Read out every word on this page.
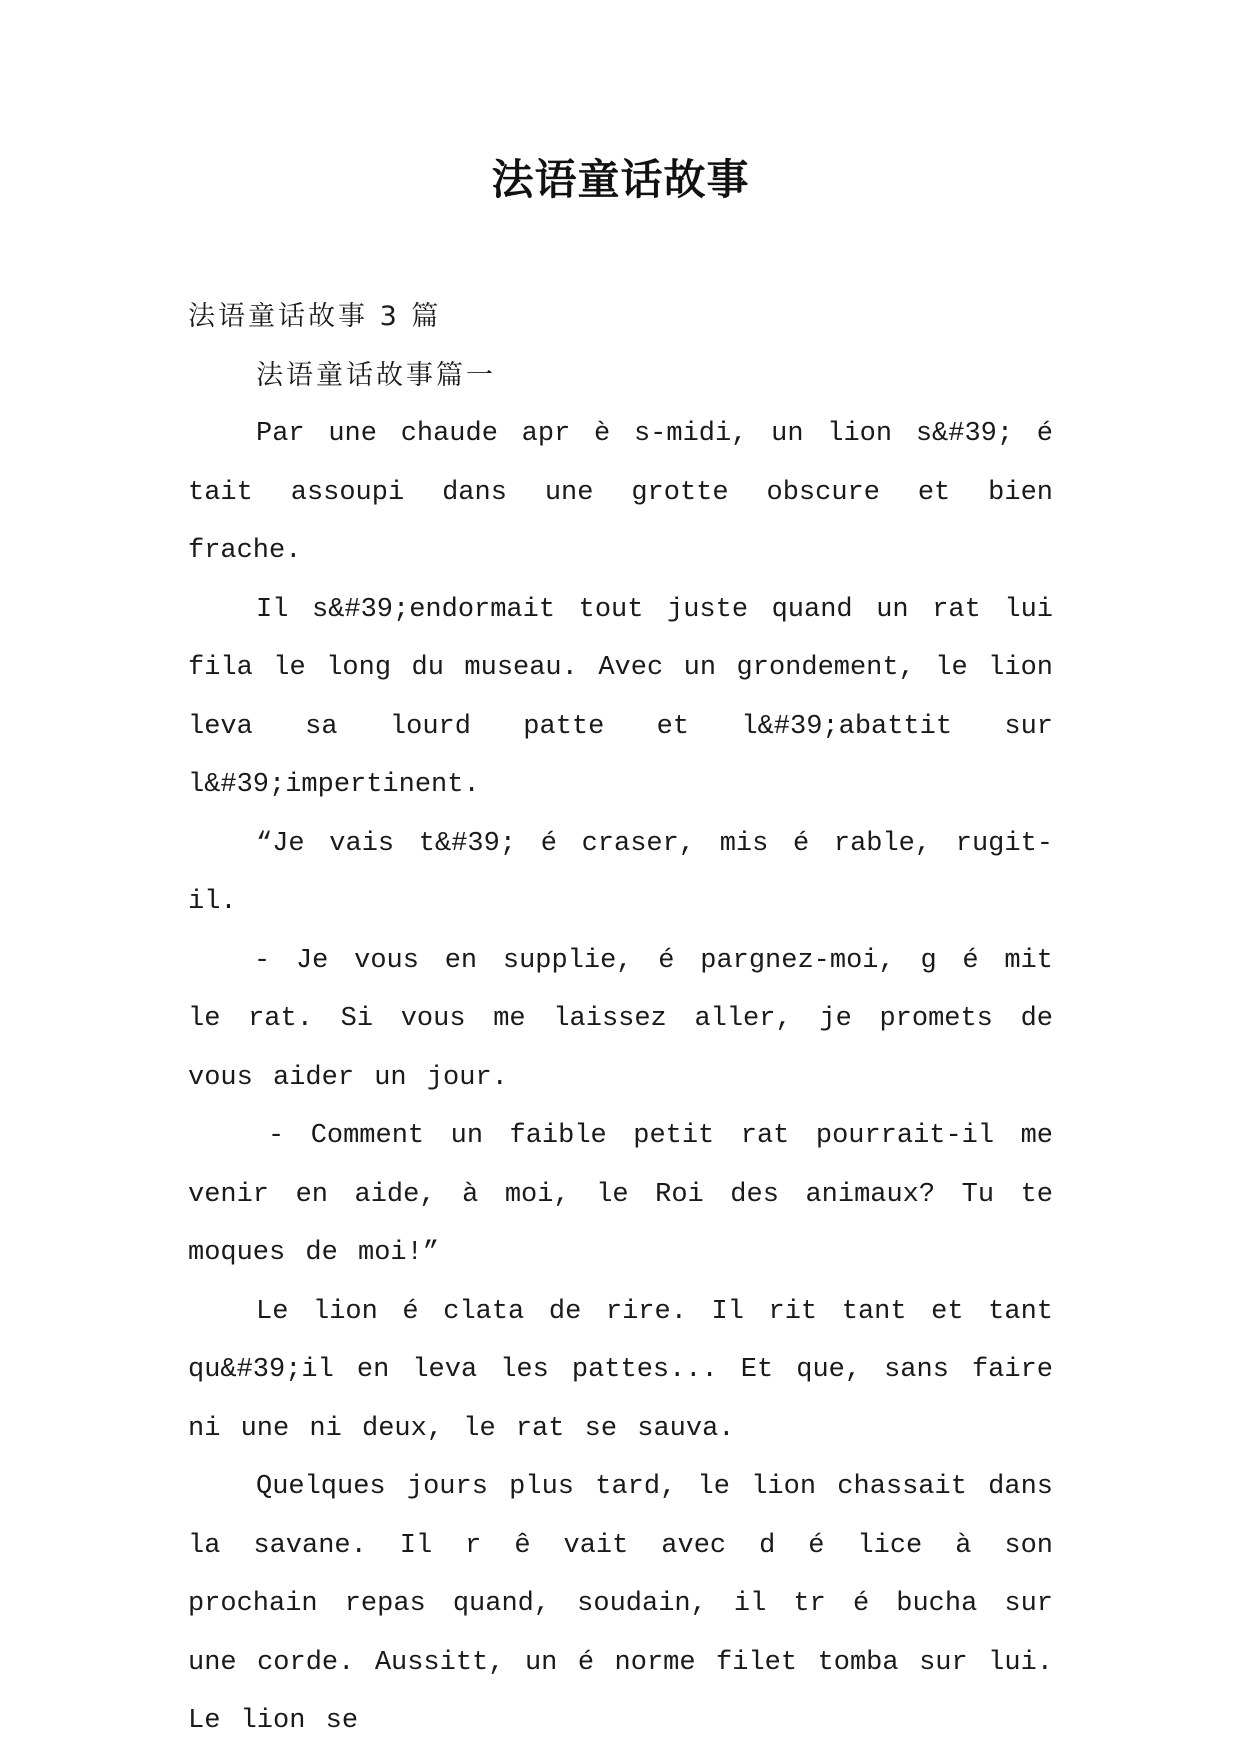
法语童话故事

法语童话故事 3 篇

法语童话故事篇一

Par une chaude apr è s-midi, un lion s&#39; é tait assoupi dans une grotte obscure et bien frache.

Il s&#39;endormait tout juste quand un rat lui fila le long du museau. Avec un grondement, le lion leva sa lourd patte et l&#39;abattit sur l&#39;impertinent.

“Je vais t&#39; é craser, mis é rable, rugit-il.

- Je vous en supplie, é pargnez-moi, g é mit le rat. Si vous me laissez aller, je promets de vous aider un jour.

- Comment un faible petit rat pourrait-il me venir en aide, à moi, le Roi des animaux? Tu te moques de moi!”

Le lion é clata de rire. Il rit tant et tant qu&#39;il en leva les pattes... Et que, sans faire ni une ni deux, le rat se sauva.

Quelques jours plus tard, le lion chassait dans la savane. Il r ê vait avec d é lice à son prochain repas quand, soudain, il tr é bucha sur une corde. Aussitt, un é norme filet tomba sur lui. Le lion se
